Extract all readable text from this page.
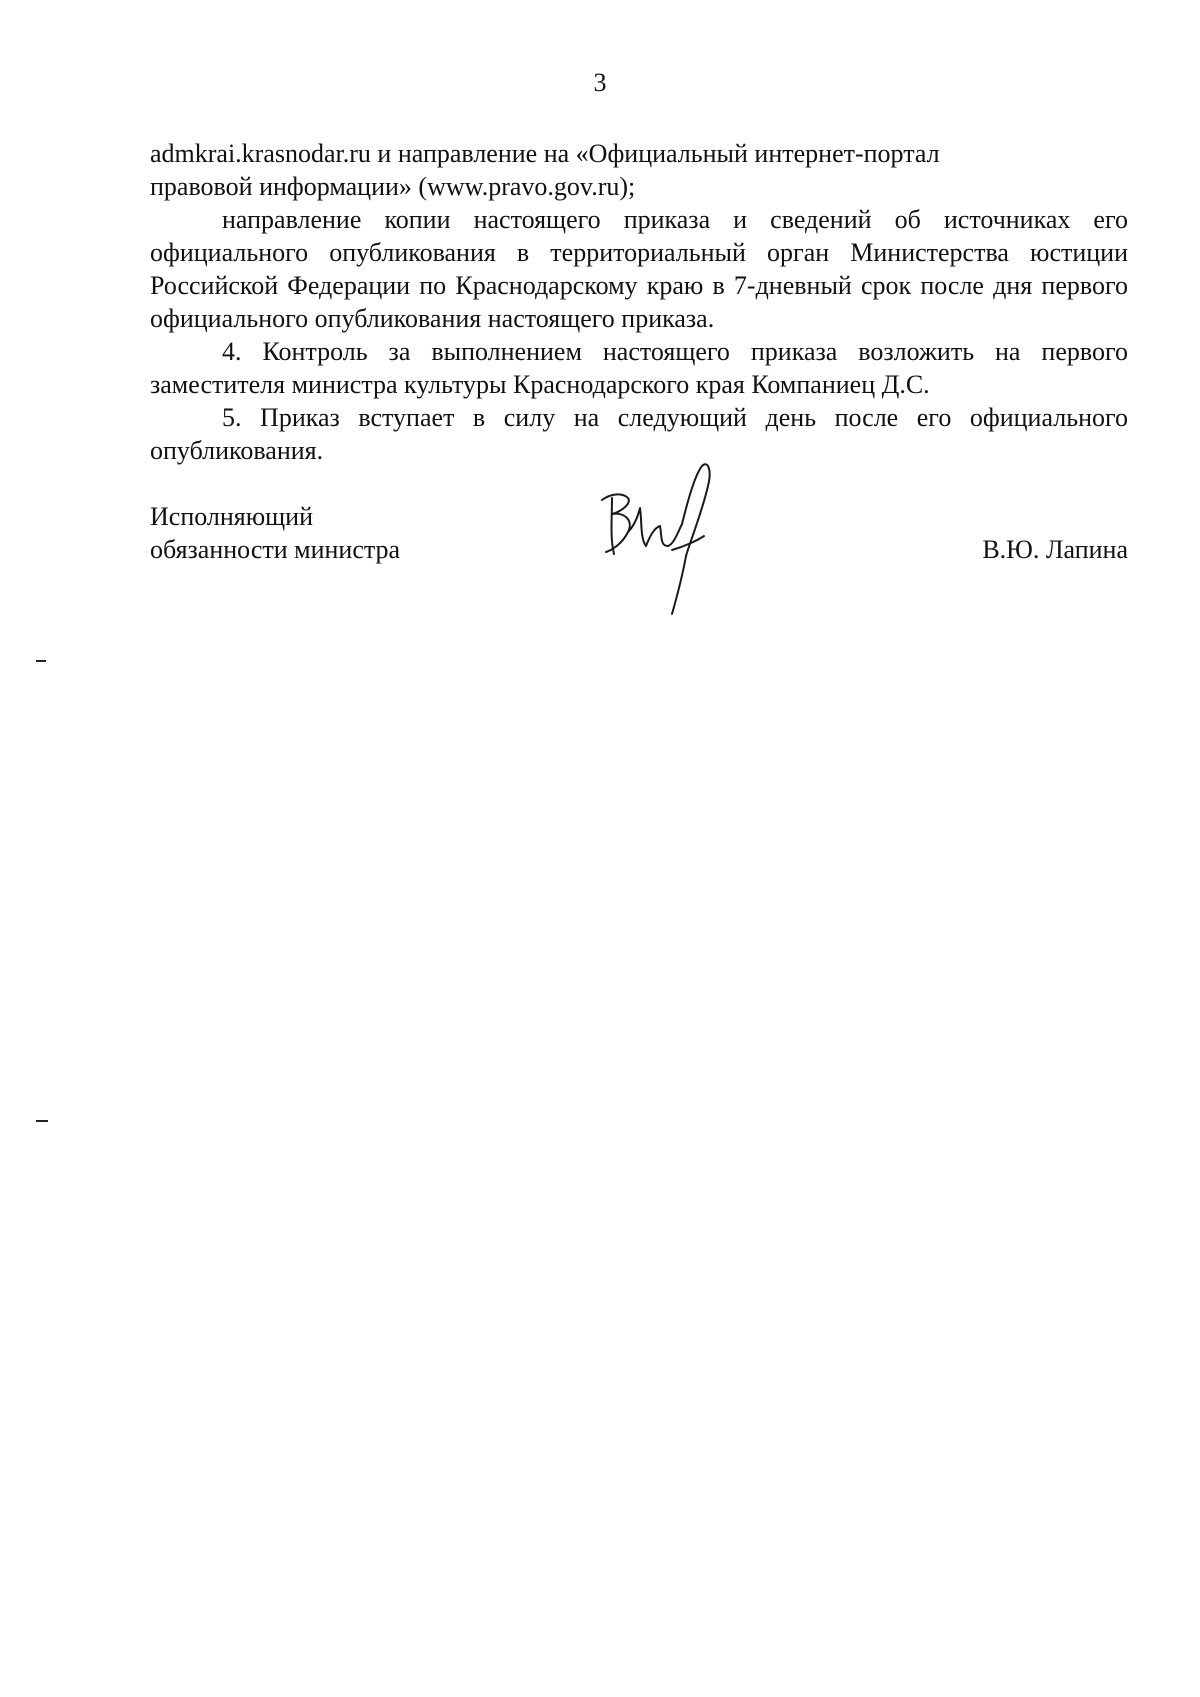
3

admkrai.krasnodar.ru и направление на «Официальный интернет-портал

правовой информации» (www.pravo.gov.ru);

направление копии настоящего приказа и сведений об источниках его официального опубликования в территориальный орган Министерства юстиции Российской Федерации по Краснодарскому краю в 7-дневный срок после дня первого официального опубликования настоящего приказа.

4. Контроль за выполнением настоящего приказа возложить на первого заместителя министра культуры Краснодарского края Компаниец Д.С.

5. Приказ вступает в силу на следующий день после его официального опубликования.

Исполняющий
обязанности министра	В.Ю. Лапина
